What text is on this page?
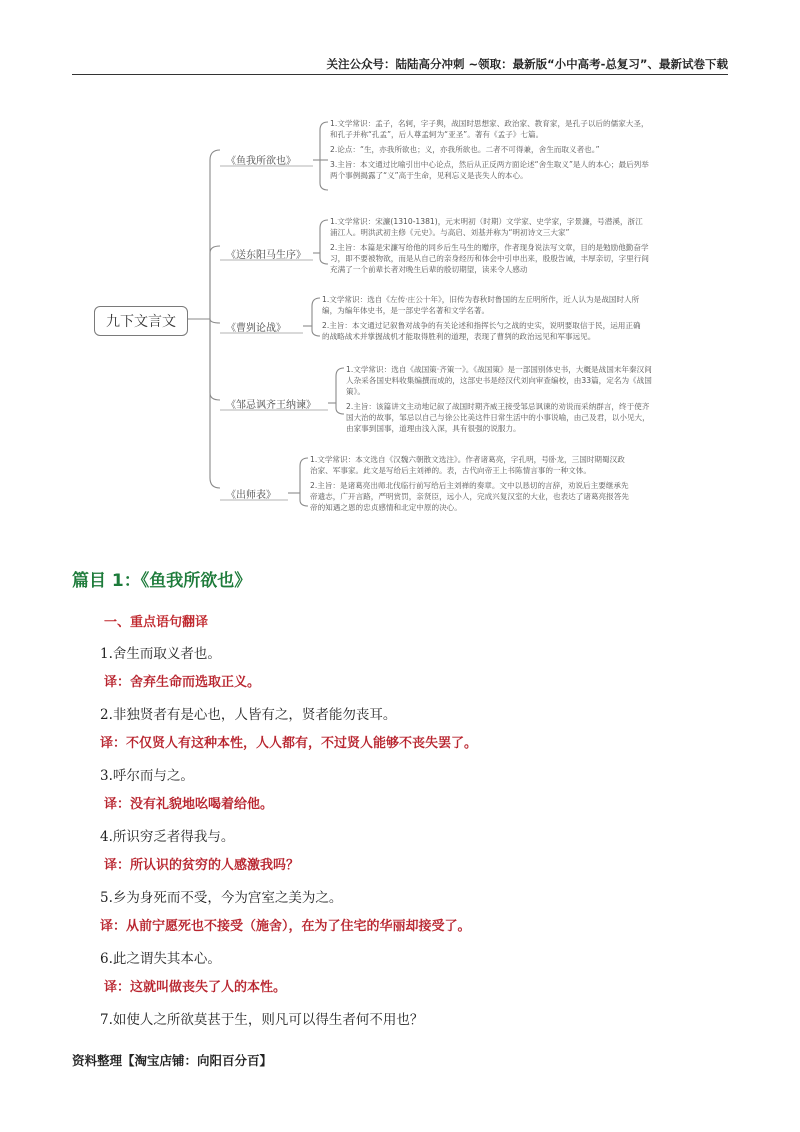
关注公众号：陆陆高分冲刺 ~领取：最新版“小中高考-总复习”、最新试卷下载
九下文言文
《鱼我所欲也》
《送东阳马生序》
《曹刿论战》
《邹忌讽齐王纳谏》
《出师表》

1.文学常识：孟子，名轲，字子舆，战国时思想家、政治家、教育家，是孔子以后的儒家大圣，和孔子并称“孔孟”，后人尊孟轲为“亚圣”。著有《孟子》七篇。

2.论点：“生，亦我所欲也；义，亦我所欲也。二者不可得兼，舍生而取义者也。”

3.主旨：本文通过比喻引出中心论点，然后从正反两方面论述“舍生取义”是人的本心；最后列举两个事例揭露了“义”高于生命，见利忘义是丧失人的本心。

1.文学常识：宋濂(1310-1381)，元末明初（时期）文学家、史学家，字景濂，号潜溪，浙江浦江人。明洪武初主修《元史》。与高启、刘基并称为“明初诗文三大家”

2.主旨：本篇是宋濂写给他的同乡后生马生的赠序，作者现身说法写文章，目的是勉励他勤奋学习，即不要被物欲，而是从自己的亲身经历和体会中引申出来，殷殷告诫，丰厚亲切，字里行间充满了一个前辈长者对晚生后辈的殷切期望，读来令人感动

1.文学常识：选自《左传·庄公十年》，旧传为春秋时鲁国的左丘明所作，近人认为是战国时人所编，为编年体史书，是一部史学名著和文学名著。

2.主旨：本文通过记叙鲁对战争的有关论述和指挥长勺之战的史实，说明要取信于民，运用正确的战略战术并掌握战机才能取得胜利的道理，表现了曹刿的政治远见和军事远见。

1.文学常识：选自《战国策·齐策一》。《战国策》是一部国别体史书，大概是战国末年秦汉间人杂采各国史料收集编撰而成的，这部史书是经汉代刘向审查编校，由33篇，定名为《战国策》。

2.主旨：该篇讲文主动地记叙了战国时期齐威王接受邹忌讽谏的劝说而采纳群言，终于使齐国大治的故事，邹忌以自己与徐公比美这件日常生活中的小事说喻，由己及君，以小见大，由家事到国事，道理由浅入深，具有很强的说服力。

1.文学常识：本文选自《汉魏六朝散文选注》。作者诸葛亮，字孔明，号卧龙，三国时期蜀汉政治家、军事家。此文是写给后主刘禅的。表，古代向帝王上书陈情言事的一种文体。

2.主旨：是诸葛亮出师北伐临行前写给后主刘禅的奏章。文中以恳切的言辞，劝说后主要继承先帝遗志，广开言路，严明赏罚，亲贤臣，远小人，完成兴复汉室的大业，也表达了诸葛亮报答先帝的知遇之恩的忠贞感情和北定中原的决心。

篇目 1：《鱼我所欲也》
一、重点语句翻译
1.舍生而取义者也。
译：舍弃生命而选取正义。
2.非独贤者有是心也，人皆有之，贤者能勿丧耳。
译：不仅贤人有这种本性，人人都有，不过贤人能够不丧失罢了。
3.呼尔而与之。
译：没有礼貌地吆喝着给他。
4.所识穷乏者得我与。
译：所认识的贫穷的人感激我吗？
5.乡为身死而不受，今为宫室之美为之。
译：从前宁愿死也不接受（施舍），在为了住宅的华丽却接受了。
6.此之谓失其本心。
译：这就叫做丧失了人的本性。
7.如使人之所欲莫甚于生，则凡可以得生者何不用也？
资料整理【淘宝店铺：向阳百分百】
